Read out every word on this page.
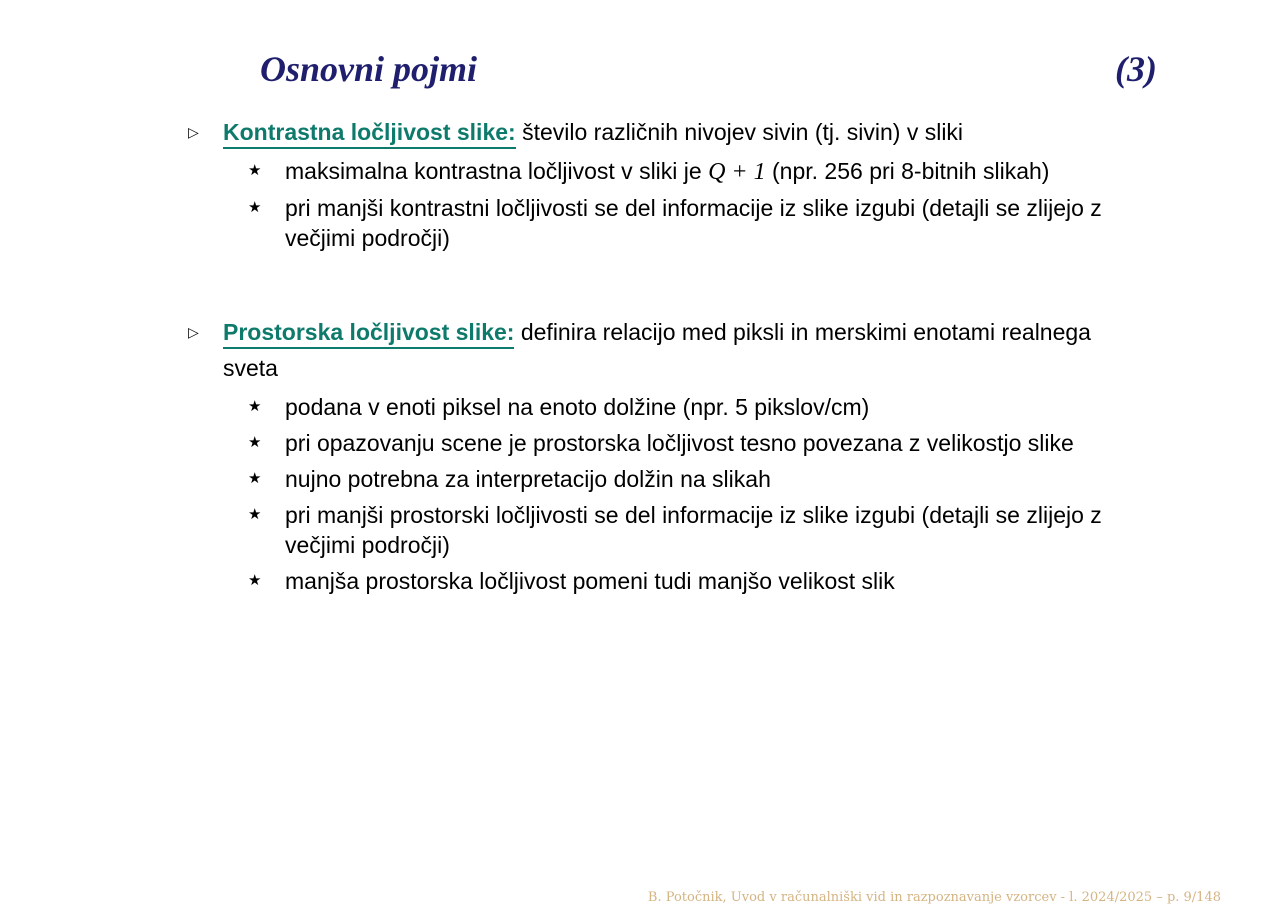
Osnovni pojmi	(3)
▷ Kontrastna ločljivost slike: število različnih nivojev sivin (tj. sivin) v sliki
★ maksimalna kontrastna ločljivost v sliki je Q + 1 (npr. 256 pri 8-bitnih slikah)
★ pri manjši kontrastni ločljivosti se del informacije iz slike izgubi (detajli se zlijejo z večjimi področji)
▷ Prostorska ločljivost slike: definira relacijo med piksli in merskimi enotami realnega sveta
★ podana v enoti piksel na enoto dolžine (npr. 5 pikslov/cm)
★ pri opazovanju scene je prostorska ločljivost tesno povezana z velikostjo slike
★ nujno potrebna za interpretacijo dolžin na slikah
★ pri manjši prostorski ločljivosti se del informacije iz slike izgubi (detajli se zlijejo z večjimi področji)
★ manjša prostorska ločljivost pomeni tudi manjšo velikost slik
B. Potočnik, Uvod v računalniški vid in razpoznavanje vzorcev - l. 2024/2025 – p. 9/148
